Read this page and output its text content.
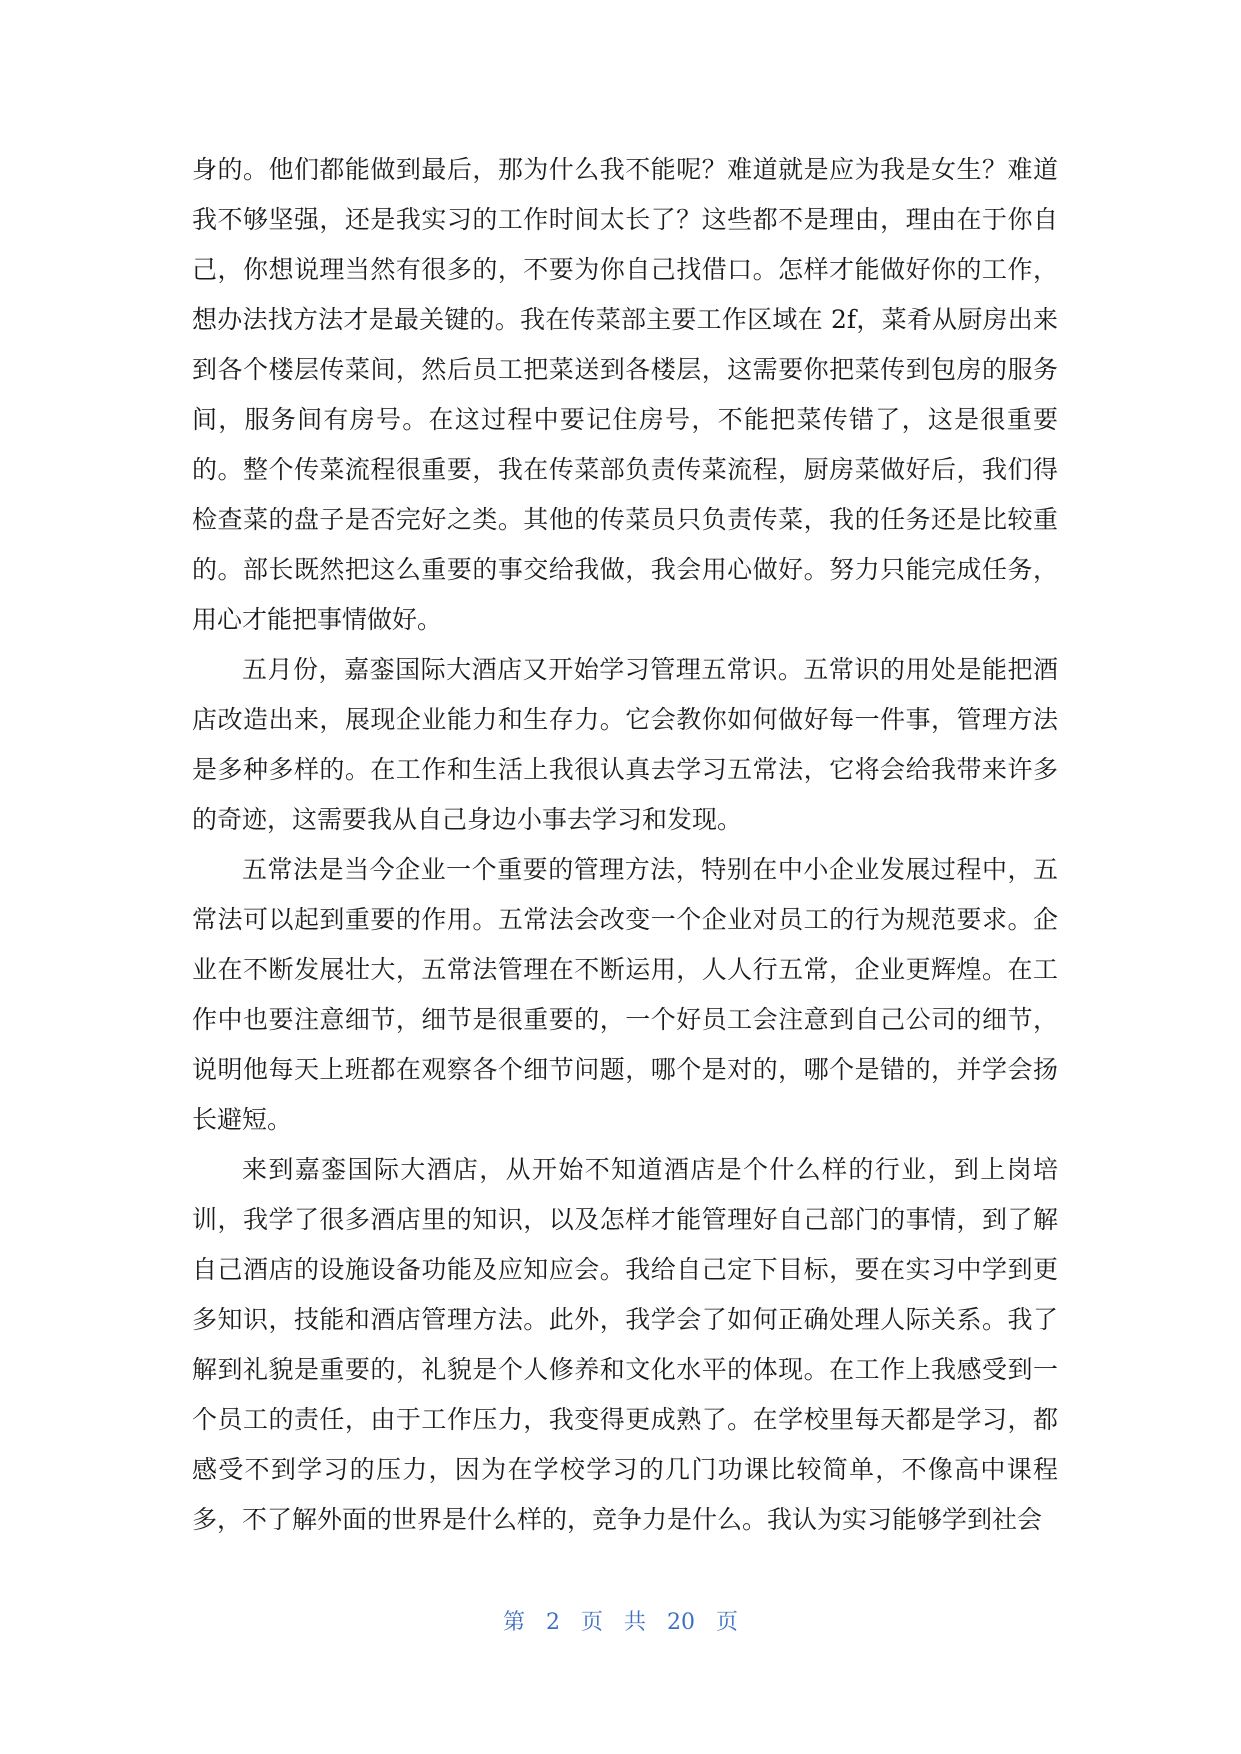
身的。他们都能做到最后，那为什么我不能呢？难道就是应为我是女生？难道
我不够坚强，还是我实习的工作时间太长了？这些都不是理由，理由在于你自
己，你想说理当然有很多的，不要为你自己找借口。怎样才能做好你的工作，
想办法找方法才是最关键的。我在传菜部主要工作区域在 2f，菜肴从厨房出来
到各个楼层传菜间，然后员工把菜送到各楼层，这需要你把菜传到包房的服务
间，服务间有房号。在这过程中要记住房号，不能把菜传错了，这是很重要
的。整个传菜流程很重要，我在传菜部负责传菜流程，厨房菜做好后，我们得
检查菜的盘子是否完好之类。其他的传菜员只负责传菜，我的任务还是比较重
的。部长既然把这么重要的事交给我做，我会用心做好。努力只能完成任务，
用心才能把事情做好。
五月份，嘉銮国际大酒店又开始学习管理五常识。五常识的用处是能把酒
店改造出来，展现企业能力和生存力。它会教你如何做好每一件事，管理方法
是多种多样的。在工作和生活上我很认真去学习五常法，它将会给我带来许多
的奇迹，这需要我从自己身边小事去学习和发现。
五常法是当今企业一个重要的管理方法，特别在中小企业发展过程中，五
常法可以起到重要的作用。五常法会改变一个企业对员工的行为规范要求。企
业在不断发展壮大，五常法管理在不断运用，人人行五常，企业更辉煌。在工
作中也要注意细节，细节是很重要的，一个好员工会注意到自己公司的细节，
说明他每天上班都在观察各个细节问题，哪个是对的，哪个是错的，并学会扬
长避短。
来到嘉銮国际大酒店，从开始不知道酒店是个什么样的行业，到上岗培
训，我学了很多酒店里的知识，以及怎样才能管理好自己部门的事情，到了解
自己酒店的设施设备功能及应知应会。我给自己定下目标，要在实习中学到更
多知识，技能和酒店管理方法。此外，我学会了如何正确处理人际关系。我了
解到礼貌是重要的，礼貌是个人修养和文化水平的体现。在工作上我感受到一
个员工的责任，由于工作压力，我变得更成熟了。在学校里每天都是学习，都
感受不到学习的压力，因为在学校学习的几门功课比较简单，不像高中课程
多，不了解外面的世界是什么样的，竞争力是什么。我认为实习能够学到社会
第 2 页 共 20 页
